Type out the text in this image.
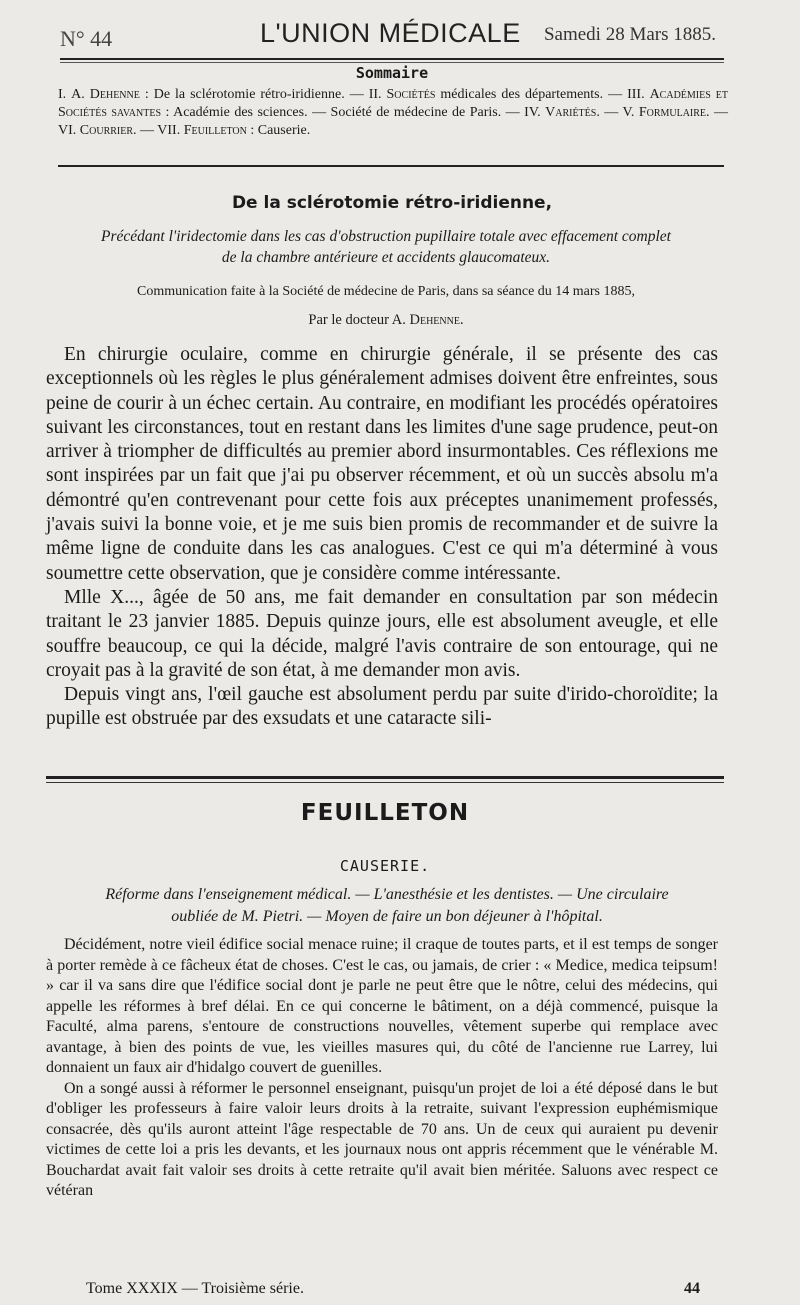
N° 44	L'UNION MÉDICALE Samedi 28 Mars 1885.
Sommaire
I. A. Dehenne : De la sclérotomie rétro-iridienne. — II. Sociétés médicales des départements. — III. Académies et Sociétés savantes : Académie des sciences. — Société de médecine de Paris. — IV. Variétés. — V. Formulaire. — VI. Courrier. — VII. Feuilleton : Causerie.
De la sclérotomie rétro-iridienne,
Précédant l'iridectomie dans les cas d'obstruction pupillaire totale avec effacement complet
de la chambre antérieure et accidents glaucomateux.
Communication faite à la Société de médecine de Paris, dans sa séance du 14 mars 1885,
Par le docteur A. Dehenne.

En chirurgie oculaire, comme en chirurgie générale, il se présente des cas exceptionnels où les règles le plus généralement admises doivent être enfreintes, sous peine de courir à un échec certain. Au contraire, en modifiant les procédés opératoires suivant les circonstances, tout en restant dans les limites d'une sage prudence, peut-on arriver à triompher de difficultés au premier abord insurmontables. Ces réflexions me sont inspirées par un fait que j'ai pu observer récemment, et où un succès absolu m'a démontré qu'en contrevenant pour cette fois aux préceptes unanimement professés, j'avais suivi la bonne voie, et je me suis bien promis de recommander et de suivre la même ligne de conduite dans les cas analogues. C'est ce qui m'a déterminé à vous soumettre cette observation, que je considère comme intéressante.

Mlle X..., âgée de 50 ans, me fait demander en consultation par son médecin traitant le 23 janvier 1885. Depuis quinze jours, elle est absolument aveugle, et elle souffre beaucoup, ce qui la décide, malgré l'avis contraire de son entourage, qui ne croyait pas à la gravité de son état, à me demander mon avis.

Depuis vingt ans, l'œil gauche est absolument perdu par suite d'irido-choroïdite; la pupille est obstruée par des exsudats et une cataracte sili-

FEUILLETON
CAUSERIE.
Réforme dans l'enseignement médical. — L'anesthésie et les dentistes. — Une circulaire
oubliée de M. Pietri. — Moyen de faire un bon déjeuner à l'hôpital.

Décidément, notre vieil édifice social menace ruine; il craque de toutes parts, et il est temps de songer à porter remède à ce fâcheux état de choses. C'est le cas, ou jamais, de crier : « Medice, medica teipsum! » car il va sans dire que l'édifice social dont je parle ne peut être que le nôtre, celui des médecins, qui appelle les réformes à bref délai. En ce qui concerne le bâtiment, on a déjà commencé, puisque la Faculté, alma parens, s'entoure de constructions nouvelles, vêtement superbe qui remplace avec avantage, à bien des points de vue, les vieilles masures qui, du côté de l'ancienne rue Larrey, lui donnaient un faux air d'hidalgo couvert de guenilles.

On a songé aussi à réformer le personnel enseignant, puisqu'un projet de loi a été déposé dans le but d'obliger les professeurs à faire valoir leurs droits à la retraite, suivant l'expression euphémismique consacrée, dès qu'ils auront atteint l'âge respectable de 70 ans. Un de ceux qui auraient pu devenir victimes de cette loi a pris les devants, et les journaux nous ont appris récemment que le vénérable M. Bouchardat avait fait valoir ses droits à cette retraite qu'il avait bien méritée. Saluons avec respect ce vétéran

Tome XXXIX — Troisième série.	44
